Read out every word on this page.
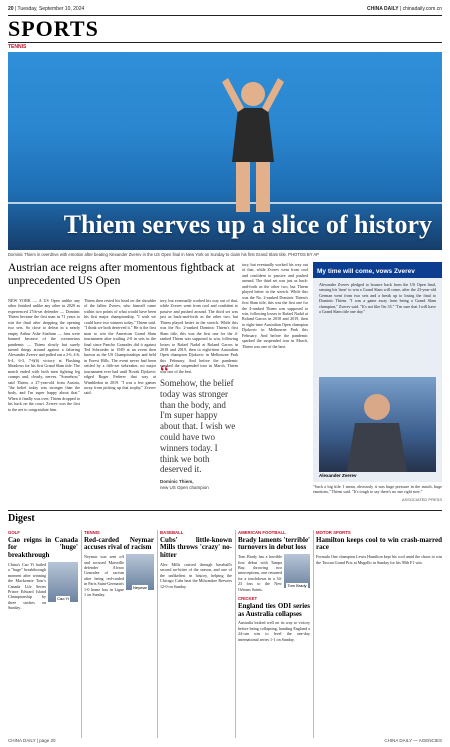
20 | Tuesday, September 10, 2024	CHINA DAILY | chinadaily.com.cn
SPORTS
TENNIS
Thiem serves up a slice of history
Dominic Thiem in overdrive with emotion after beating Alexander Zverev in the US Open final in New York on Sunday to claim his first Grand Slam title. PHOTOS BY AP
Austrian ace reigns after momentous fightback at unprecedented US Open
NEW YORK — A US Open unlike any other finished unlike any other in 2020 as experienced 27th-set defender — Dominic Thiem became the first man in 71 years to win the final after dropping the opening two sets. So close to defeat in a nearly empty Arthur Ashe Stadium — fans were banned because of the coronavirus pandemic — Thiem slowly but surely turned things around against a faltering Alexander Zverev and pulled out a 2-6, 4-6, 6-4, 6-3, 7-6(6) victory at Flushing Meadows for his first Grand Slam title. The match ended with both men fighting leg cramps and, clearly, nerves. "Somehow," said Thiem, a 27-year-old from Austria, "the belief today was stronger than the body, and I'm super happy about that." When it finally was over, Thiem dropped to his back on the court. Zverev was the first to the net to congratulate him.
Thiem then rested his head on the shoulder of the fallen Zverev, who himself came within two points of what would have been his first major championship. "I wish we could have two winners today," Thiem said. "I think we both deserved it." He is the first man to win the American Grand Slam tournament after trailing 2-0 in sets in the final since Pancho Gonzales did it against Ted Schroeder in 1949 at an event then known as the US Championships and held in Forest Hills. The event never had been settled by a fifth-set tiebreaker, no major tournament ever had until Novak Djokovic edged Roger Federer that way at Wimbledon in 2019. "I was a few games away from picking up that trophy," Zverev said.
tory, but eventually worked his way out of that, while Zverev went from cool and confident to passive and pushed around. The third set was just as back-and-forth as the other two, but Thiem played better in the stretch. While this was the No. 2-ranked Dominic Thiem's first Slam title, this was the first one for the 4-ranked Thiem was supposed to win, following losses to Rafael Nadal at Roland Garros in 2018 and 2019, then to eight-time Australian Open champion Djokovic in Melbourne Park this February. And before the pandemic sparked the suspended tour in March, Thiem was one of the best.
“
Somehow, the belief today was stronger than the body, and I'm super happy about that. I wish we could have two winners today. I think we both deserved it.
Dominic Thiem,
new US Open champion
tory, but eventually worked his way out of that, while Zverev went from cool and confident to passive and pushed around. The third set was just as back-and-forth as the other two, but Thiem played better in the stretch. While this was the No. 2-ranked Dominic Thiem's first Slam title, this was the first one for the 4-ranked Thiem was supposed to win, following losses to Rafael Nadal at Roland Garros in 2018 and 2019, then to eight-time Australian Open champion Djokovic in Melbourne Park this February. And before the pandemic sparked the suspended tour in March, Thiem was one of the best.
My time will come, vows Zverev
Alexander Zverev pledged to bounce back from the US Open final, sensing his 'time' to win a Grand Slam will come, after the 23-year-old German went from two sets and a break up to losing the final to Dominic Thiem. "I was a game away from being a Grand Slam champion," Zverev said. "It's not like I'm 35." "I'm sure that I will have a Grand Slam title one day."
Alexander Zverev
"Such a big title. I mean, obviously it was huge pressure in the match, huge emotions," Thiem said. "It's tough to say there's no one right now."
ASSOCIATED PRESS
Digest
GOLF
Cao reigns in Canada for 'huge' breakthrough
Cao Yi
China's Cao Yi hailed a "huge" breakthrough moment after winning the Mackenzie Tour's Canada Life Series Prince Edward Island Championship by three strokes on Sunday.
TENNIS
Red-carded Neymar accuses rival of racism
Neymar
Neymar was sent off and accused Marseille defender Alvaro Gonzalez of racism after being red-carded in Paris Saint-Germain's 1-0 home loss in Ligue 1 on Sunday.
BASEBALL
Cubs' little-known Mills throws 'crazy' no-hitter
Alec Mills cruised through baseball's second no-hitter of the season, and one of the unlikeliest in history, helping the Chicago Cubs beat the Milwaukee Brewers 12-0 on Sunday.
AMERICAN FOOTBALL
Brady laments 'terrible' turnovers in debut loss
Tom Brady
Tom Brady has a horrible first debut with Tampa Bay, throwing two interceptions, one returned for a touchdown in a 34-23 loss to the New Orleans Saints.
CRICKET
England ties ODI series as Australia collapses
Australia looked well on its way to victory before being collapsing, handing England a 24-run win to level the one-day international series 1-1 on Sunday.
MOTOR SPORTS
Hamilton keeps cool to win crash-marred race
Formula One champion Lewis Hamilton kept his cool amid the chaos to win the Tuscan Grand Prix at Mugello in Sunday for his 90th F1 win.
CHINA DAILY | page 20	CHINA DAILY — AGENCIES
